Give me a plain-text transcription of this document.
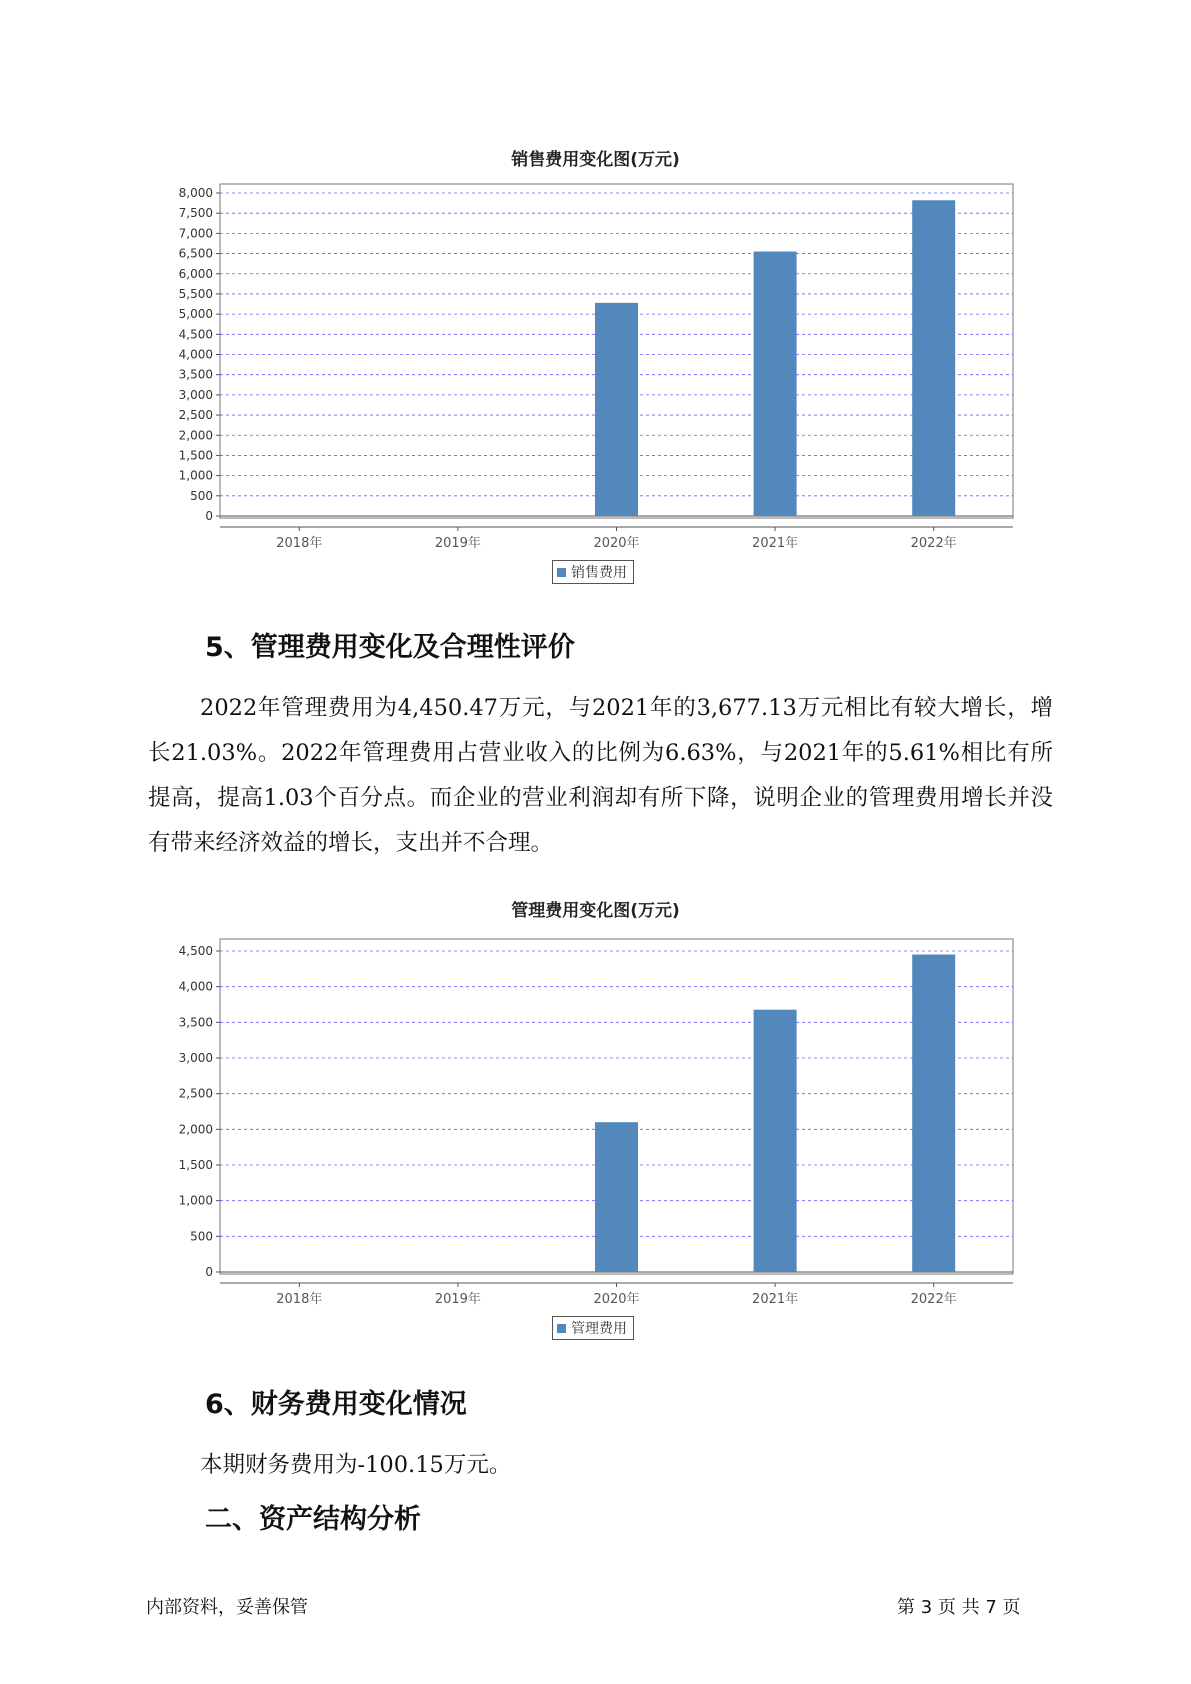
销售费用变化图(万元)
0
500
1,000
1,500
2,000
2,500
3,000
3,500
4,000
4,500
5,000
5,500
6,000
6,500
7,000
7,500
8,000
2018年	2019年	2020年	2021年	2022年
销售费用
5、管理费用变化及合理性评价

2022年管理费用为4,450.47万元，与2021年的3,677.13万元相比有较大增长，增长21.03%。2022年管理费用占营业收入的比例为6.63%，与2021年的5.61%相比有所提高，提高1.03个百分点。而企业的营业利润却有所下降，说明企业的管理费用增长并没有带来经济效益的增长，支出并不合理。

管理费用变化图(万元)
0
500
1,000
1,500
2,000
2,500
3,000
3,500
4,000
4,500
2018年	2019年	2020年	2021年	2022年
管理费用
6、财务费用变化情况
本期财务费用为-100.15万元。
二、资产结构分析
内部资料，妥善保管	第 3 页 共 7 页
